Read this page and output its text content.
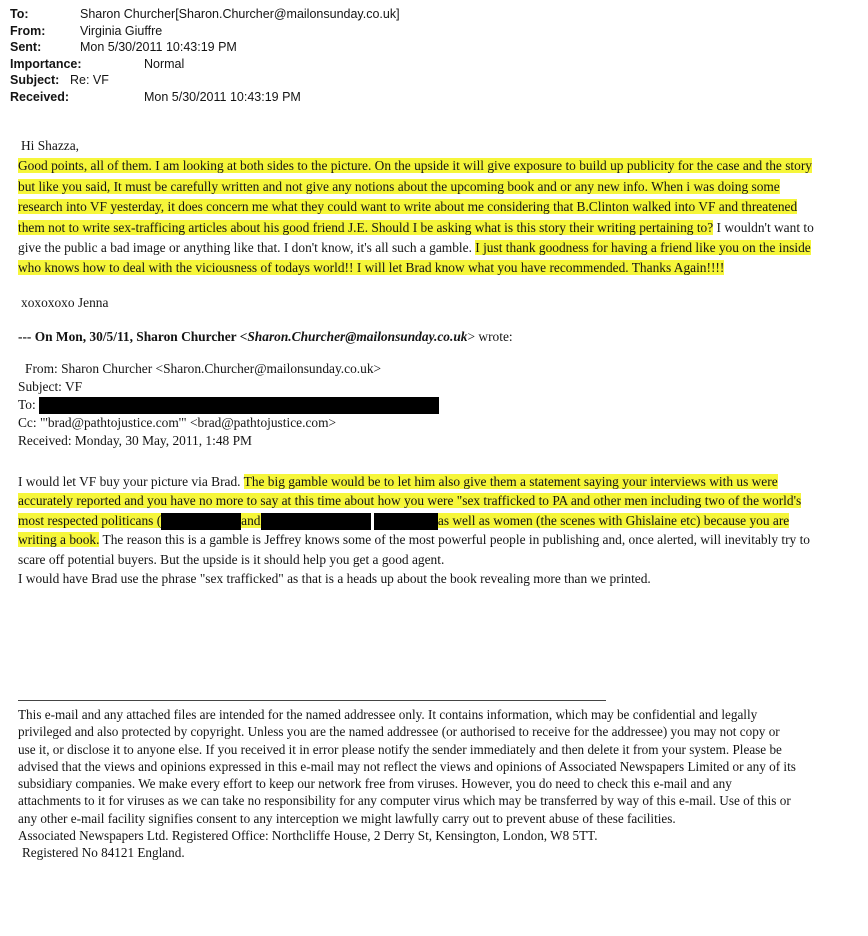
To:	Sharon Churcher[Sharon.Churcher@mailonsunday.co.uk]
From:	Virginia Giuffre
Sent:	Mon 5/30/2011 10:43:19 PM
Importance:	Normal
Subject: Re: VF
Received:	Mon 5/30/2011 10:43:19 PM

Hi Shazza,

Good points, all of them. I am looking at both sides to the picture. On the upside it will give exposure to build up publicity for the case and the story but like you said, It must be carefully written and not give any notions about the upcoming book and or any new info. When i was doing some research into VF yesterday, it does concern me what they could want to write about me considering that B.Clinton walked into VF and threatened them not to write sex-trafficing articles about his good friend J.E. Should I be asking what is this story their writing pertaining to? I wouldn't want to give the public a bad image or anything like that. I don't know, it's all such a gamble. I just thank goodness for having a friend like you on the inside who knows how to deal with the viciousness of todays world!! I will let Brad know what you have recommended. Thanks Again!!!!

xoxoxoxo Jenna

--- On Mon, 30/5/11, Sharon Churcher <Sharon.Churcher@mailonsunday.co.uk> wrote:

From: Sharon Churcher <Sharon.Churcher@mailonsunday.co.uk>
Subject: VF
To:
Cc: "'brad@pathtojustice.com'" <brad@pathtojustice.com>
Received: Monday, 30 May, 2011, 1:48 PM

I would let VF buy your picture via Brad. The big gamble would be to let him also give them a statement saying your interviews with us were accurately reported and you have no more to say at this time about how you were "sex trafficked to PA and other men including two of the world's most respected politicans (	and	as well as women (the scenes with Ghislaine etc) because you are writing a book. The reason this is a gamble is Jeffrey knows some of the most powerful people in publishing and, once alerted, will inevitably try to scare off potential buyers. But the upside is it should help you get a good agent.
I would have Brad use the phrase "sex trafficked" as that is a heads up about the book revealing more than we printed.

This e-mail and any attached files are intended for the named addressee only. It contains information, which may be confidential and legally privileged and also protected by copyright. Unless you are the named addressee (or authorised to receive for the addressee) you may not copy or use it, or disclose it to anyone else. If you received it in error please notify the sender immediately and then delete it from your system. Please be advised that the views and opinions expressed in this e-mail may not reflect the views and opinions of Associated Newspapers Limited or any of its subsidiary companies. We make every effort to keep our network free from viruses. However, you do need to check this e-mail and any attachments to it for viruses as we can take no responsibility for any computer virus which may be transferred by way of this e-mail. Use of this or any other e-mail facility signifies consent to any interception we might lawfully carry out to prevent abuse of these facilities.

Associated Newspapers Ltd. Registered Office: Northcliffe House, 2 Derry St, Kensington, London, W8 5TT.

Registered No 84121 England.
